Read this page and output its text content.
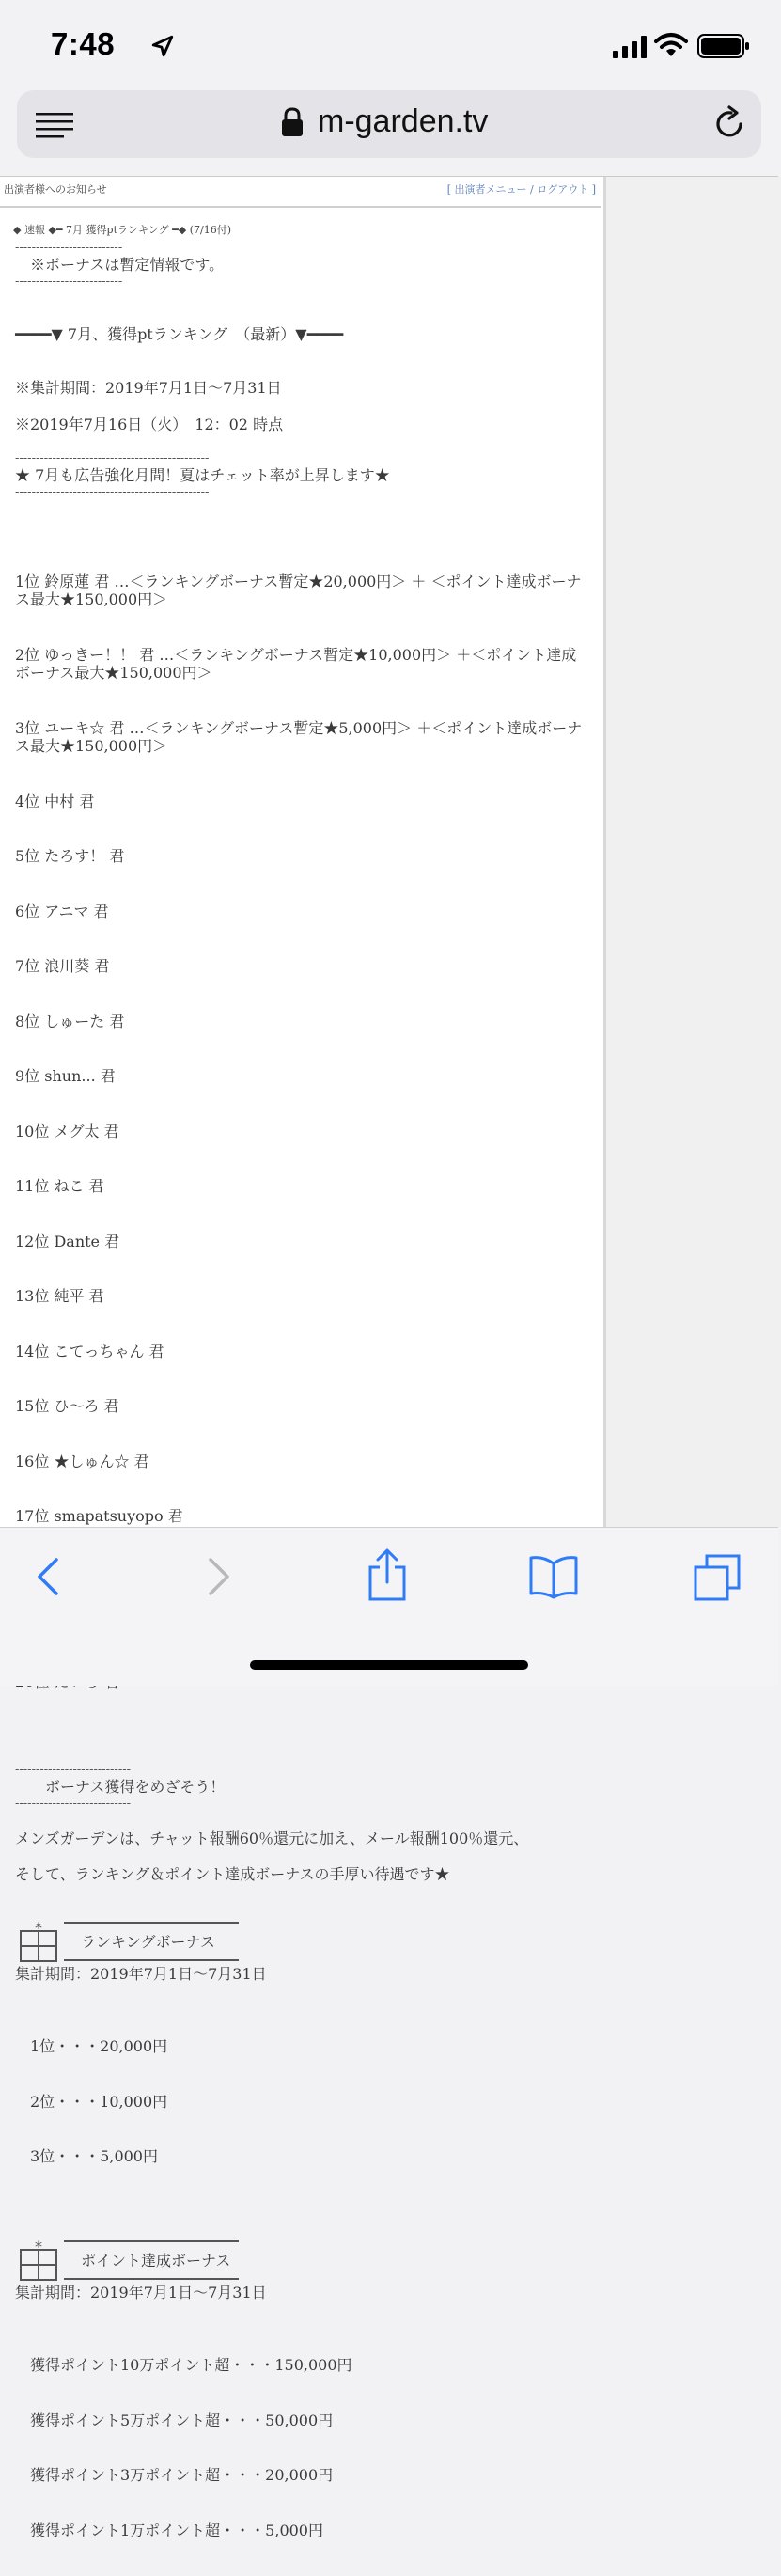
7:48
m-garden.tv
出演者様へのお知らせ	[ 出演者メニュー / ログアウト ]
◆ 速報 ◆━ 7月 獲得ptランキング ━◆ (7/16付)
--------------------------
　※ボーナスは暫定情報です。
--------------------------
━━━━▼ 7月、獲得ptランキング　（最新）▼━━━━
※集計期間：2019年7月1日〜7月31日
※2019年7月16日（火）　12：02 時点
-----------------------------------------------
★ 7月も広告強化月間！夏はチェット率が上昇します★
-----------------------------------------------

1位 鈴原蓮 君 …＜ランキングボーナス暫定★20,000円＞ ＋ ＜ポイント達成ボーナス最大★150,000円＞

2位 ゆっきー！！ 君 …＜ランキングボーナス暫定★10,000円＞ ＋＜ポイント達成ボーナス最大★150,000円＞

3位 ユーキ☆ 君 …＜ランキングボーナス暫定★5,000円＞ ＋＜ポイント達成ボーナス最大★150,000円＞

4位 中村 君

5位 たろす！ 君

6位 アニマ 君

7位 浪川葵 君

8位 しゅーた 君

9位 shun... 君

10位 メグ太 君

11位 ねこ 君

12位 Dante 君

13位 純平 君

14位 こてっちゃん 君

15位 ひ〜ろ 君

16位 ★しゅん☆ 君

17位 smapatsuyopo 君

----------------------------
　　ボーナス獲得をめざそう！
----------------------------
メンズガーデンは、チャット報酬60％還元に加え、メール報酬100％還元、
そして、ランキング＆ポイント達成ボーナスの手厚い待遇です★

*

ランキングボーナス

集計期間：2019年7月1日〜7月31日

1位・・・20,000円

2位・・・10,000円

3位・・・5,000円

*

ポイント達成ボーナス

集計期間：2019年7月1日〜7月31日

獲得ポイント10万ポイント超・・・150,000円

獲得ポイント5万ポイント超・・・50,000円

獲得ポイント3万ポイント超・・・20,000円

獲得ポイント1万ポイント超・・・5,000円
